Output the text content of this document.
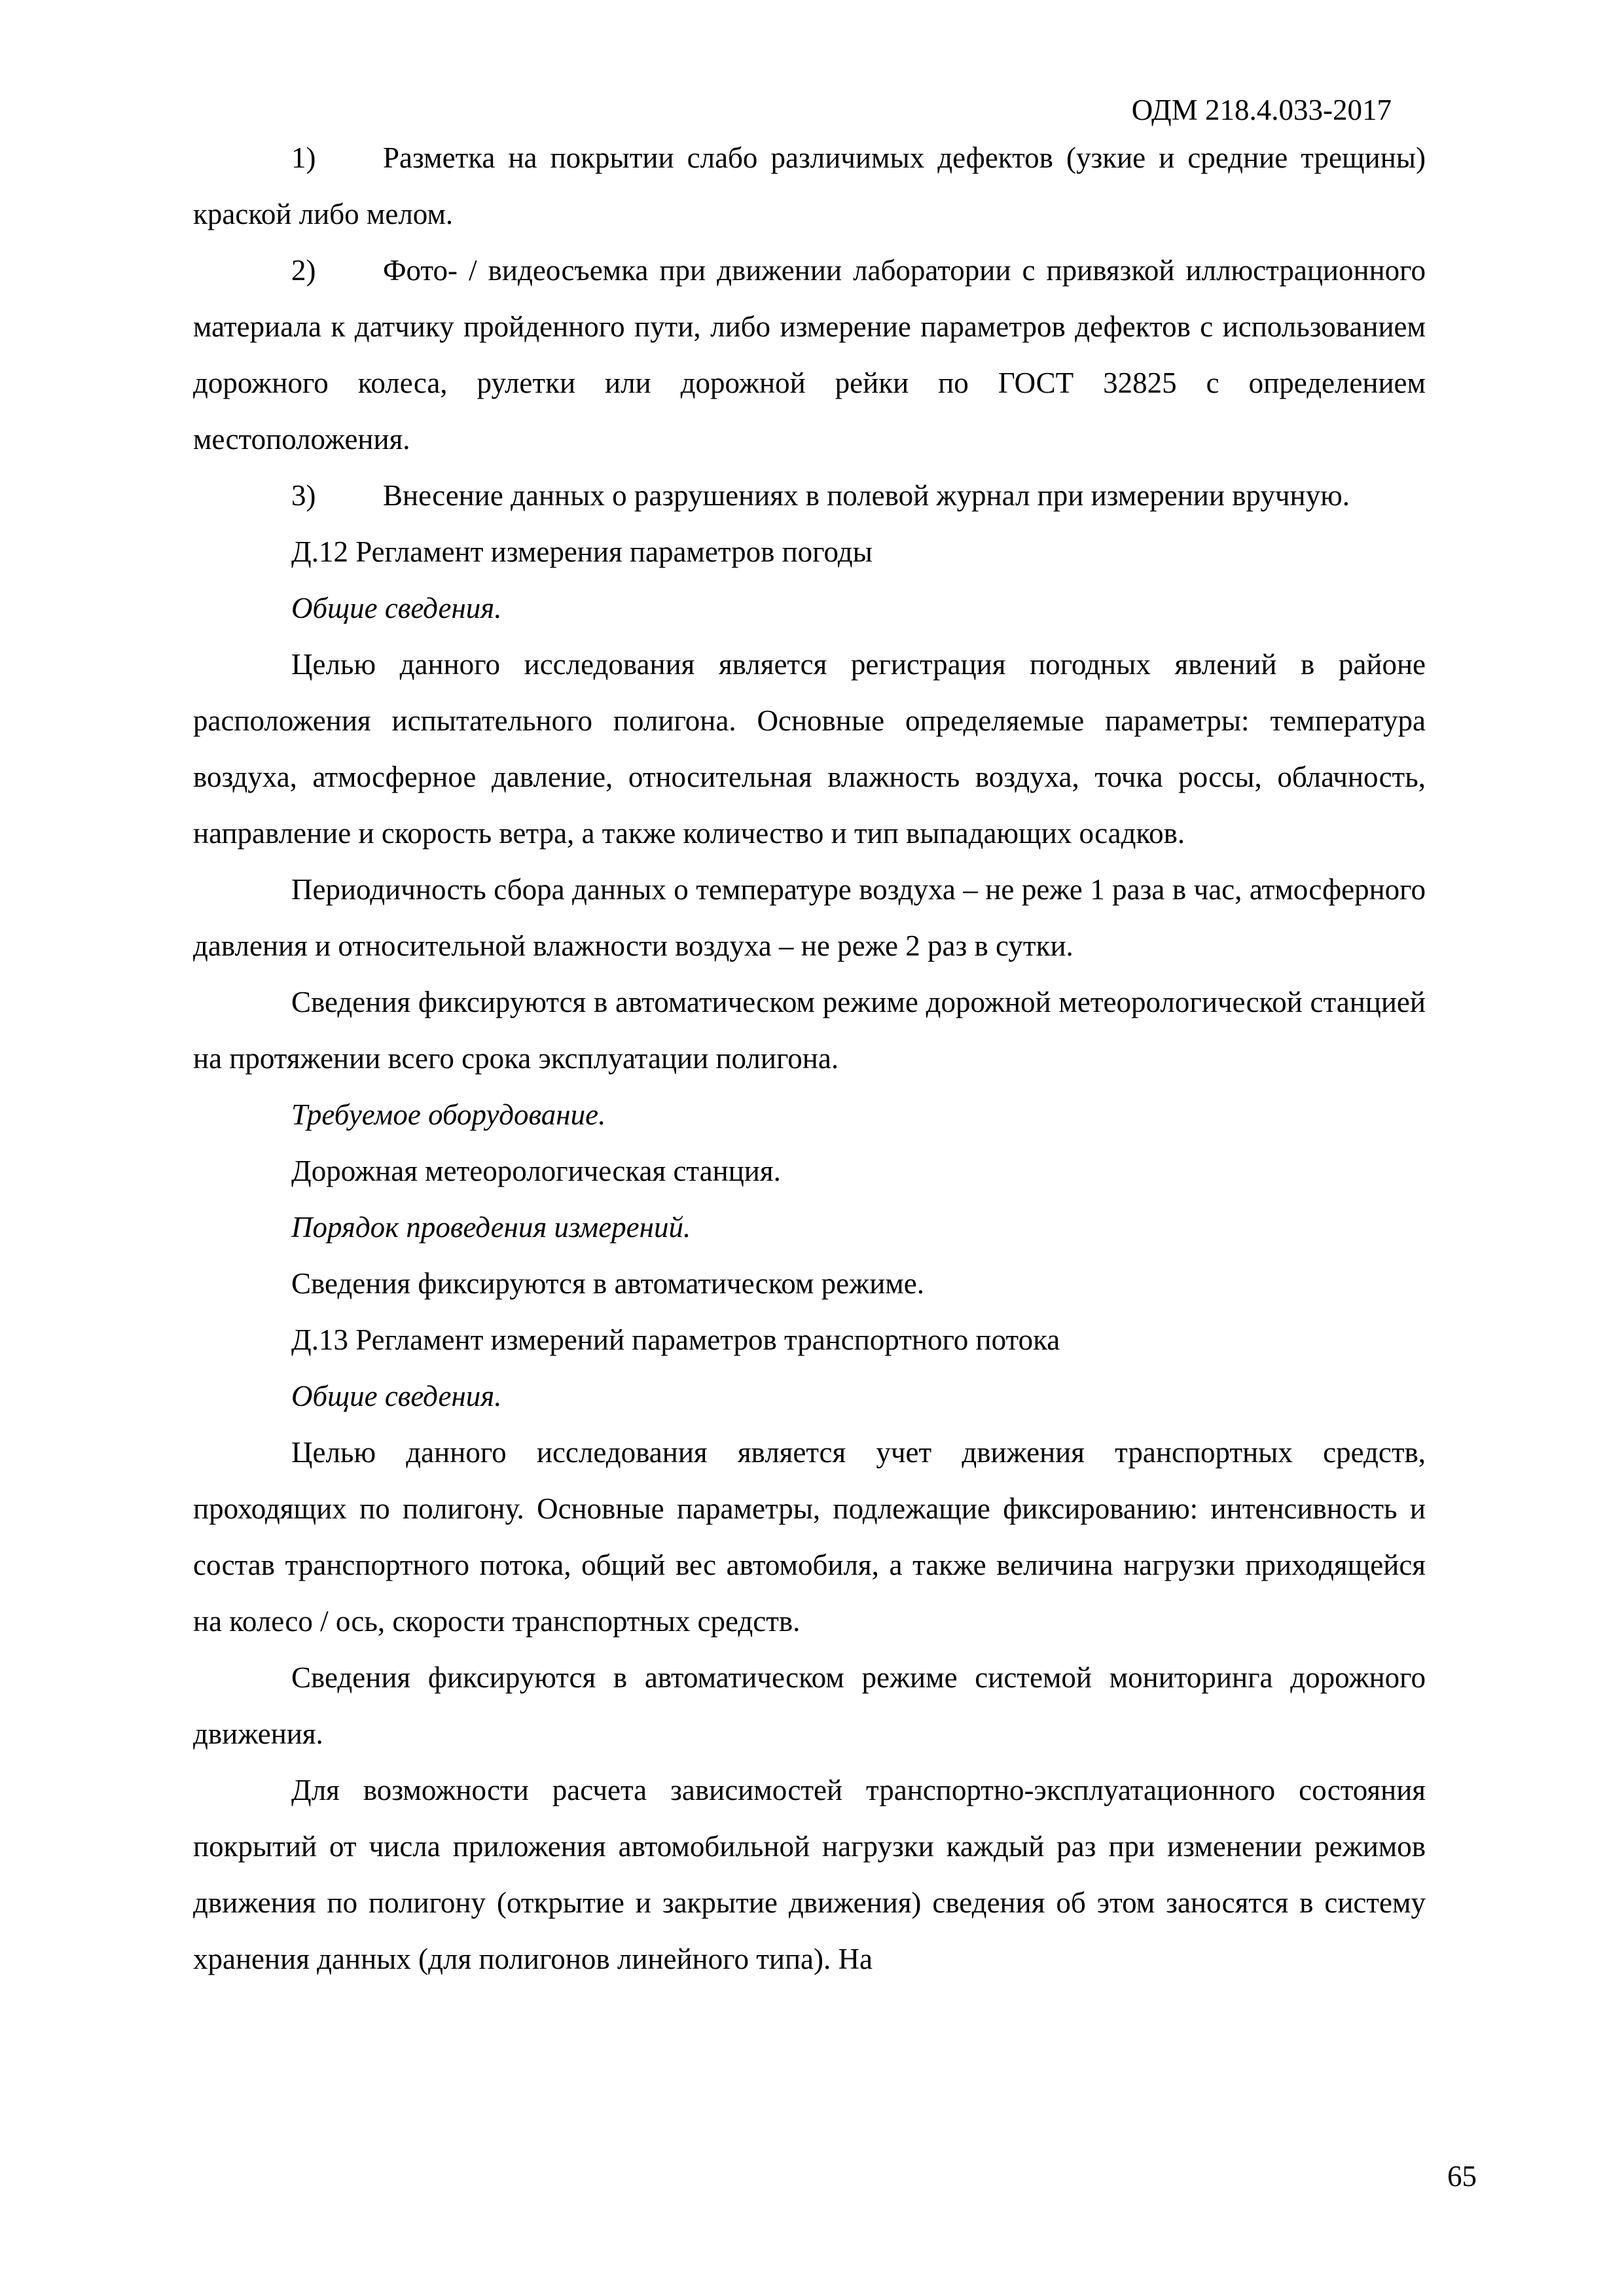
ОДМ 218.4.033-2017

1) Разметка на покрытии слабо различимых дефектов (узкие и средние трещины) краской либо мелом.

2) Фото- / видеосъемка при движении лаборатории с привязкой иллюстрационного материала к датчику пройденного пути, либо измерение параметров дефектов с использованием дорожного колеса, рулетки или дорожной рейки по ГОСТ 32825 с определением местоположения.

3) Внесение данных о разрушениях в полевой журнал при измерении вручную.

Д.12 Регламент измерения параметров погоды

Общие сведения.

Целью данного исследования является регистрация погодных явлений в районе расположения испытательного полигона. Основные определяемые параметры: температура воздуха, атмосферное давление, относительная влажность воздуха, точка россы, облачность, направление и скорость ветра, а также количество и тип выпадающих осадков.

Периодичность сбора данных о температуре воздуха – не реже 1 раза в час, атмосферного давления и относительной влажности воздуха – не реже 2 раз в сутки.

Сведения фиксируются в автоматическом режиме дорожной метеорологической станцией на протяжении всего срока эксплуатации полигона.

Требуемое оборудование.

Дорожная метеорологическая станция.

Порядок проведения измерений.

Сведения фиксируются в автоматическом режиме.

Д.13 Регламент измерений параметров транспортного потока

Общие сведения.

Целью данного исследования является учет движения транспортных средств, проходящих по полигону. Основные параметры, подлежащие фиксированию: интенсивность и состав транспортного потока, общий вес автомобиля, а также величина нагрузки приходящейся на колесо / ось, скорости транспортных средств.

Сведения фиксируются в автоматическом режиме системой мониторинга дорожного движения.

Для возможности расчета зависимостей транспортно-эксплуатационного состояния покрытий от числа приложения автомобильной нагрузки каждый раз при изменении режимов движения по полигону (открытие и закрытие движения) сведения об этом заносятся в систему хранения данных (для полигонов линейного типа). На

65
